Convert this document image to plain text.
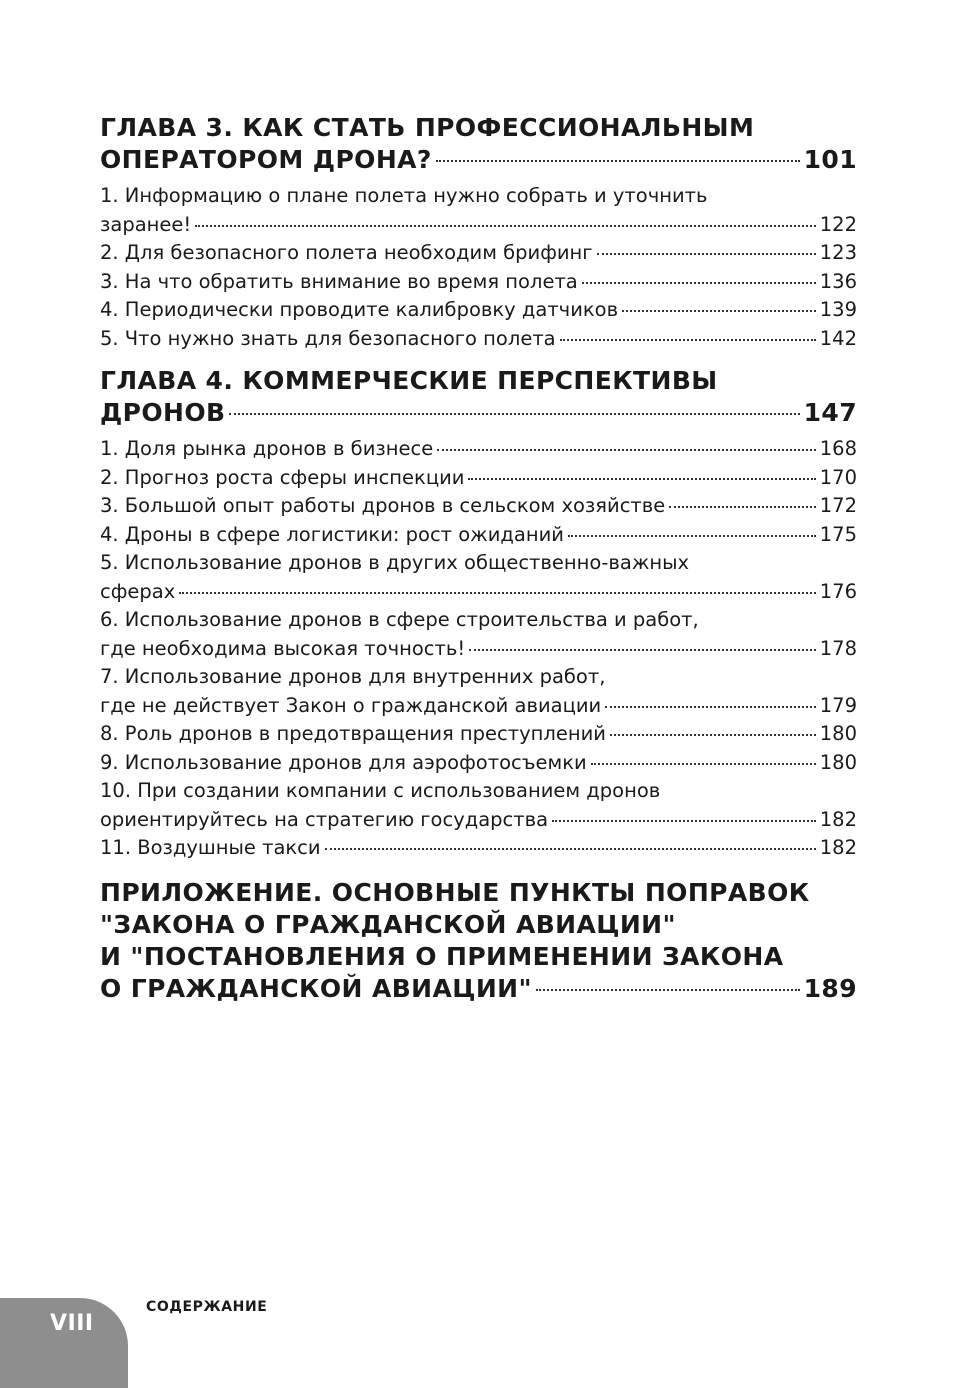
ГЛАВА 3. КАК СТАТЬ ПРОФЕССИОНАЛЬНЫМ
ОПЕРАТОРОМ ДРОНА?	101
1. Информацию о плане полета нужно собрать и уточнить
заранее!	122
2. Для безопасного полета необходим брифинг	123
3. На что обратить внимание во время полета	136
4. Периодически проводите калибровку датчиков	139
5. Что нужно знать для безопасного полета	142
ГЛАВА 4. КОММЕРЧЕСКИЕ ПЕРСПЕКТИВЫ
ДРОНОВ	147
1. Доля рынка дронов в бизнесе	168
2. Прогноз роста сферы инспекции	170
3. Большой опыт работы дронов в сельском хозяйстве	172
4. Дроны в сфере логистики: рост ожиданий	175
5. Использование дронов в других общественно-важных
сферах	176
6. Использование дронов в сфере строительства и работ,
где необходима высокая точность!	178
7. Использование дронов для внутренних работ,
где не действует Закон о гражданской авиации	179
8. Роль дронов в предотвращения преступлений	180
9. Использование дронов для аэрофотосъемки	180
10. При создании компании с использованием дронов
ориентируйтесь на стратегию государства	182
11. Воздушные такси	182
ПРИЛОЖЕНИЕ. ОСНОВНЫЕ ПУНКТЫ ПОПРАВОК
"ЗАКОНА О ГРАЖДАНСКОЙ АВИАЦИИ"
И "ПОСТАНОВЛЕНИЯ О ПРИМЕНЕНИИ ЗАКОНА
О ГРАЖДАНСКОЙ АВИАЦИИ"	189
VIII
СОДЕРЖАНИЕ
